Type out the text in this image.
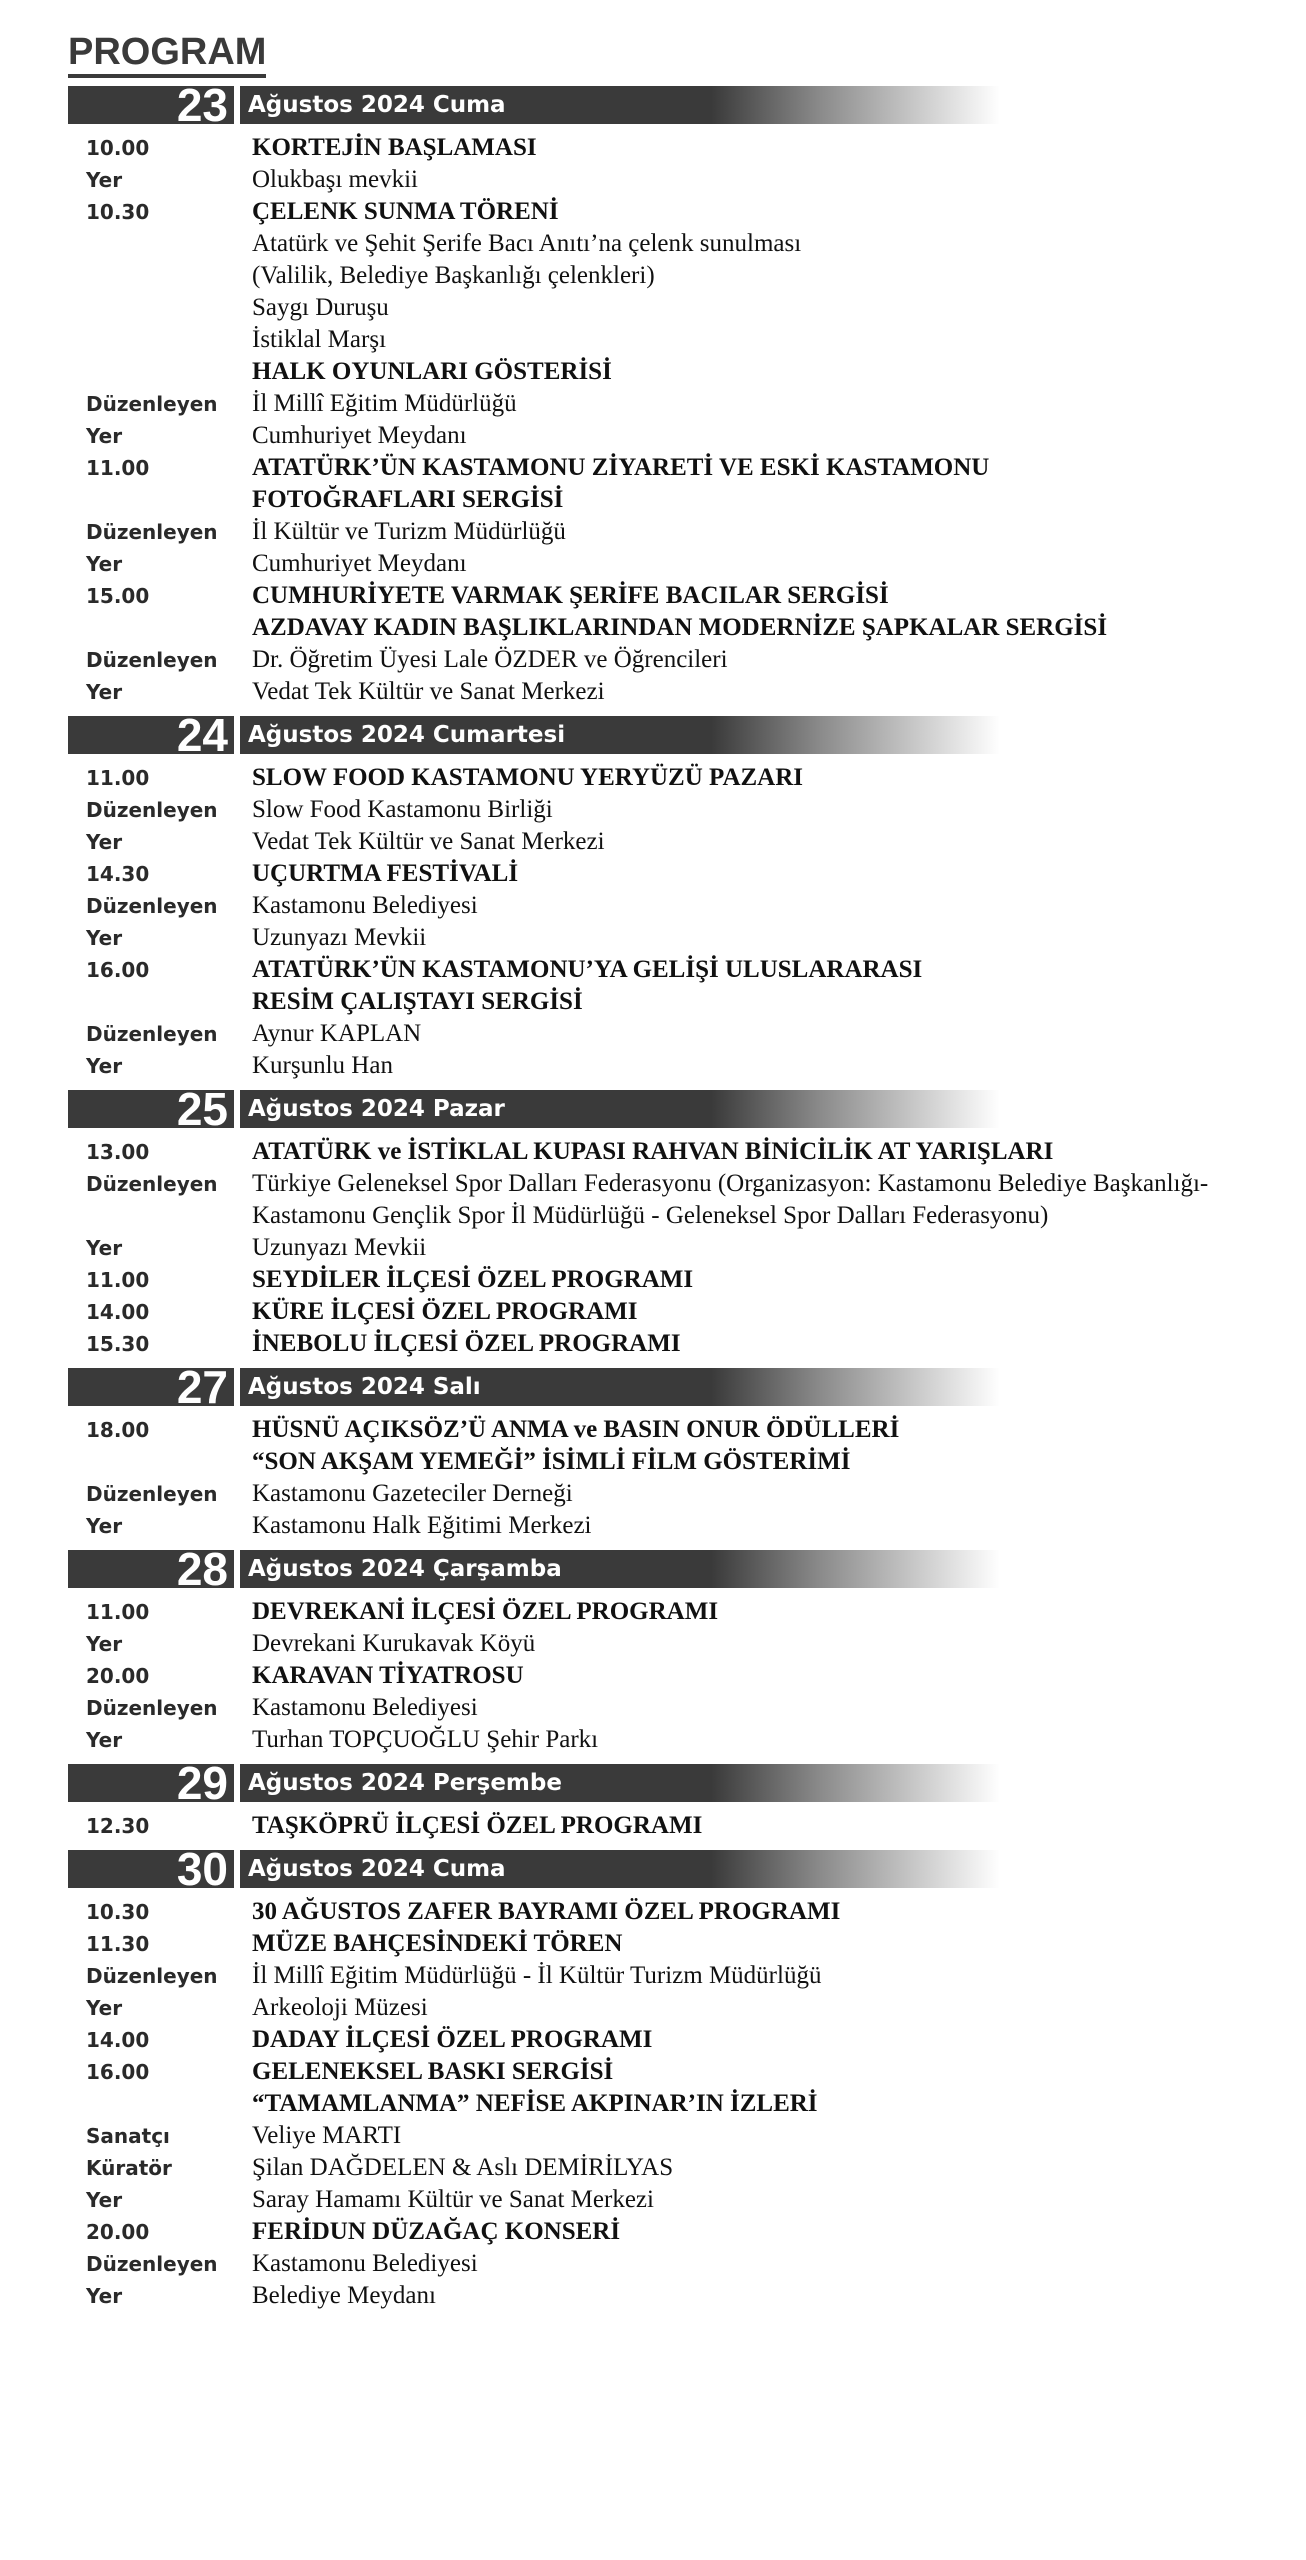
PROGRAM
23 Ağustos 2024 Cuma
10.00	KORTEJİN BAŞLAMASI
Yer	Olukbaşı mevkii
10.30	ÇELENK SUNMA TÖRENİ
Atatürk ve Şehit Şerife Bacı Anıtı’na çelenk sunulması
(Valilik, Belediye Başkanlığı çelenkleri)
Saygı Duruşu
İstiklal Marşı
HALK OYUNLARI GÖSTERİSİ
Düzenleyen	İl Millî Eğitim Müdürlüğü
Yer	Cumhuriyet Meydanı
11.00	ATATÜRK’ÜN KASTAMONU ZİYARETİ VE ESKİ KASTAMONU
FOTOĞRAFLARI SERGİSİ
Düzenleyen	İl Kültür ve Turizm Müdürlüğü
Yer	Cumhuriyet Meydanı
15.00	CUMHURİYETE VARMAK ŞERİFE BACILAR SERGİSİ
AZDAVAY KADIN BAŞLIKLARINDAN MODERNİZE ŞAPKALAR SERGİSİ
Düzenleyen	Dr. Öğretim Üyesi Lale ÖZDER ve Öğrencileri
Yer	Vedat Tek Kültür ve Sanat Merkezi
24 Ağustos 2024 Cumartesi
11.00	SLOW FOOD KASTAMONU YERYÜZÜ PAZARI
Düzenleyen	Slow Food Kastamonu Birliği
Yer	Vedat Tek Kültür ve Sanat Merkezi
14.30	UÇURTMA FESTİVALİ
Düzenleyen	Kastamonu Belediyesi
Yer	Uzunyazı Mevkii
16.00	ATATÜRK’ÜN KASTAMONU’YA GELİŞİ ULUSLARARASI
RESİM ÇALIŞTAYI SERGİSİ
Düzenleyen	Aynur KAPLAN
Yer	Kurşunlu Han
25 Ağustos 2024 Pazar
13.00	ATATÜRK ve İSTİKLAL KUPASI RAHVAN BİNİCİLİK AT YARIŞLARI
Düzenleyen	Türkiye Geleneksel Spor Dalları Federasyonu (Organizasyon: Kastamonu Belediye Başkanlığı-
Kastamonu Gençlik Spor İl Müdürlüğü - Geleneksel Spor Dalları Federasyonu)
Yer	Uzunyazı Mevkii
11.00	SEYDİLER İLÇESİ ÖZEL PROGRAMI
14.00	KÜRE İLÇESİ ÖZEL PROGRAMI
15.30	İNEBOLU İLÇESİ ÖZEL PROGRAMI
27 Ağustos 2024 Salı
18.00	HÜSNÜ AÇIKSÖZ’Ü ANMA ve BASIN ONUR ÖDÜLLERİ
“SON AKŞAM YEMEĞİ” İSİMLİ FİLM GÖSTERİMİ
Düzenleyen	Kastamonu Gazeteciler Derneği
Yer	Kastamonu Halk Eğitimi Merkezi
28 Ağustos 2024 Çarşamba
11.00	DEVREKANİ İLÇESİ ÖZEL PROGRAMI
Yer	Devrekani Kurukavak Köyü
20.00	KARAVAN TİYATROSU
Düzenleyen	Kastamonu Belediyesi
Yer	Turhan TOPÇUOĞLU Şehir Parkı
29 Ağustos 2024 Perşembe
12.30	TAŞKÖPRÜ İLÇESİ ÖZEL PROGRAMI
30 Ağustos 2024 Cuma
10.30	30 AĞUSTOS ZAFER BAYRAMI ÖZEL PROGRAMI
11.30	MÜZE BAHÇESİNDEKİ TÖREN
Düzenleyen	İl Millî Eğitim Müdürlüğü - İl Kültür Turizm Müdürlüğü
Yer	Arkeoloji Müzesi
14.00	DADAY İLÇESİ ÖZEL PROGRAMI
16.00	GELENEKSEL BASKI SERGİSİ
“TAMAMLANMA” NEFİSE AKPINAR’IN İZLERİ
Sanatçı	Veliye MARTI
Küratör	Şilan DAĞDELEN & Aslı DEMİRİLYAS
Yer	Saray Hamamı Kültür ve Sanat Merkezi
20.00	FERİDUN DÜZAĞAÇ KONSERİ
Düzenleyen	Kastamonu Belediyesi
Yer	Belediye Meydanı
